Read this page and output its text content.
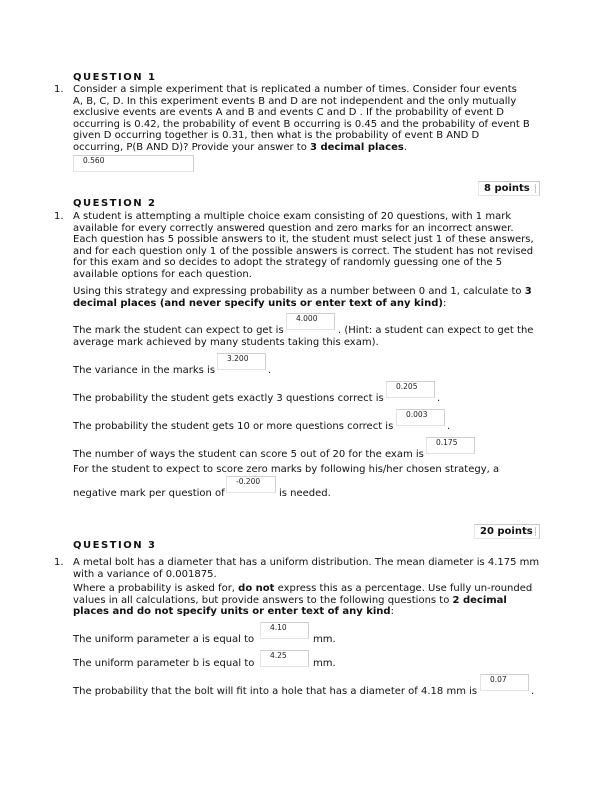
QUESTION 1
1. Consider a simple experiment that is replicated a number of times. Consider four events
A, B, C, D. In this experiment events B and D are not independent and the only mutually
exclusive events are events A and B and events C and D . If the probability of event D
occurring is 0.42, the probability of event B occurring is 0.45 and the probability of event B
given D occurring together is 0.31, then what is the probability of event B AND D
occurring, P(B AND D)? Provide your answer to 3 decimal places.
0.560
8 points
QUESTION 2
1. A student is attempting a multiple choice exam consisting of 20 questions, with 1 mark
available for every correctly answered question and zero marks for an incorrect answer.
Each question has 5 possible answers to it, the student must select just 1 of these answers,
and for each question only 1 of the possible answers is correct. The student has not revised
for this exam and so decides to adopt the strategy of randomly guessing one of the 5
available options for each question.
Using this strategy and expressing probability as a number between 0 and 1, calculate to 3
decimal places (and never specify units or enter text of any kind):
The mark the student can expect to get is
4.000
. (Hint: a student can expect to get the
average mark achieved by many students taking this exam).
The variance in the marks is
3.200
.
The probability the student gets exactly 3 questions correct is
0.205
.
The probability the student gets 10 or more questions correct is
0.003
.
The number of ways the student can score 5 out of 20 for the exam is
0.175
For the student to expect to score zero marks by following his/her chosen strategy, a
negative mark per question of
-0.200
is needed.
20 points
QUESTION 3
1. A metal bolt has a diameter that has a uniform distribution. The mean diameter is 4.175 mm
with a variance of 0.001875.
Where a probability is asked for, do not express this as a percentage. Use fully un-rounded
values in all calculations, but provide answers to the following questions to 2 decimal
places and do not specify units or enter text of any kind:
The uniform parameter a is equal to
4.10
mm.
The uniform parameter b is equal to
4.25
mm.
The probability that the bolt will fit into a hole that has a diameter of 4.18 mm is
0.07
.
